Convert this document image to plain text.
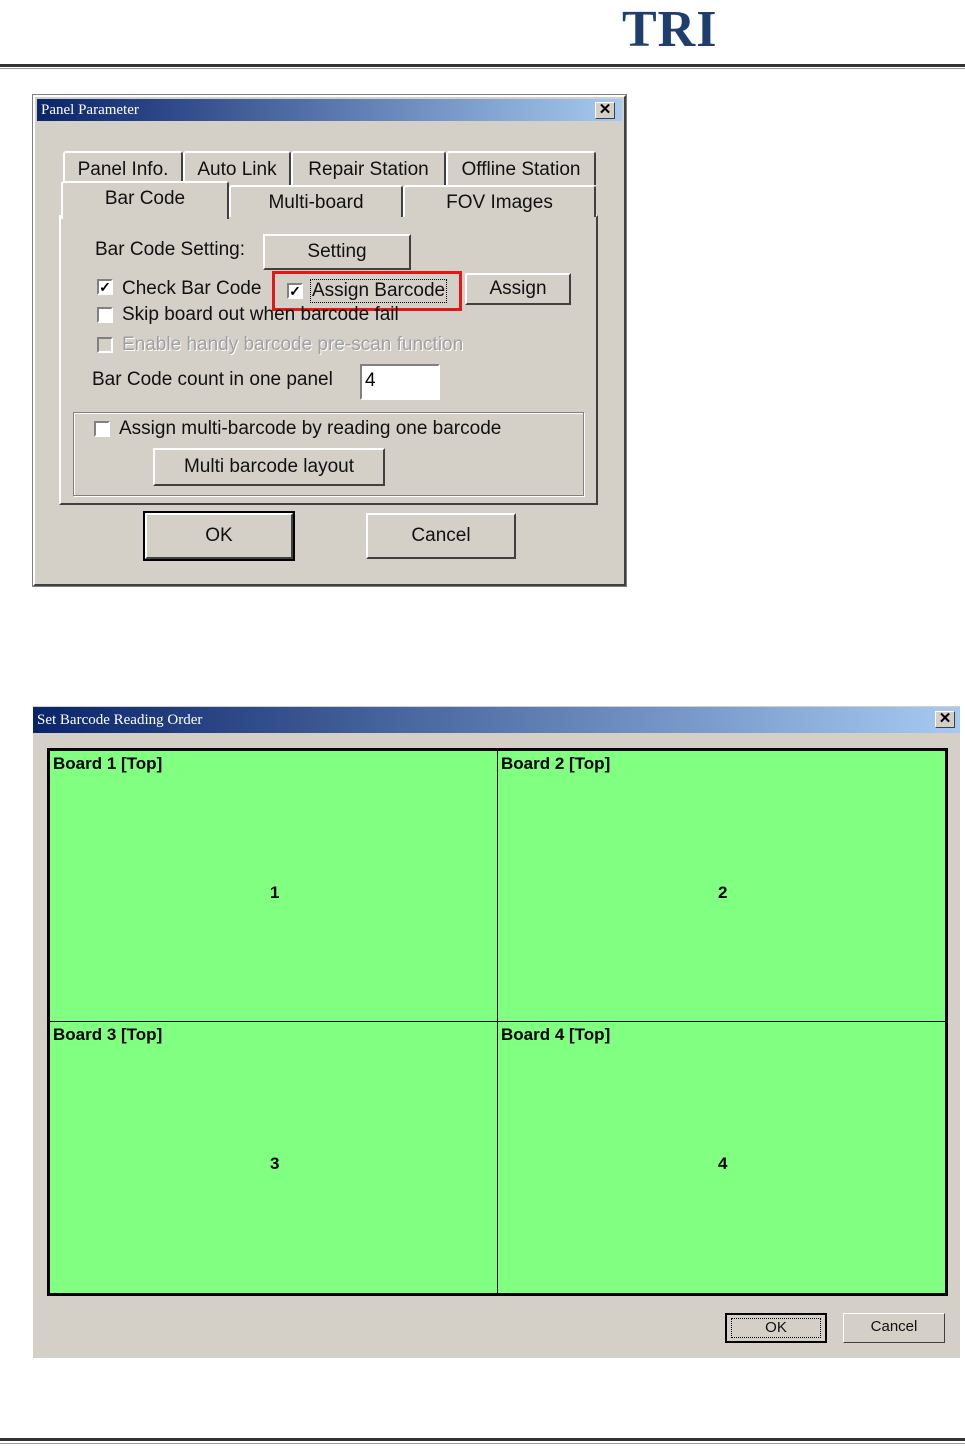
TRI
Panel Parameter	✕
Panel Info.	Auto Link	Repair Station	Offline Station
Bar Code	Multi-board	FOV Images
Bar Code Setting:	Setting
✓ Check Bar Code ✓ Assign Barcode	Assign
Skip board out when barcode fail
Enable handy barcode pre-scan function
Bar Code count in one panel 4
Assign multi-barcode by reading one barcode
Multi barcode layout
OK	Cancel
Set Barcode Reading Order	✕
Board 1 [Top]
1
Board 2 [Top]
2
Board 3 [Top]
3
Board 4 [Top]
4
OK	Cancel
